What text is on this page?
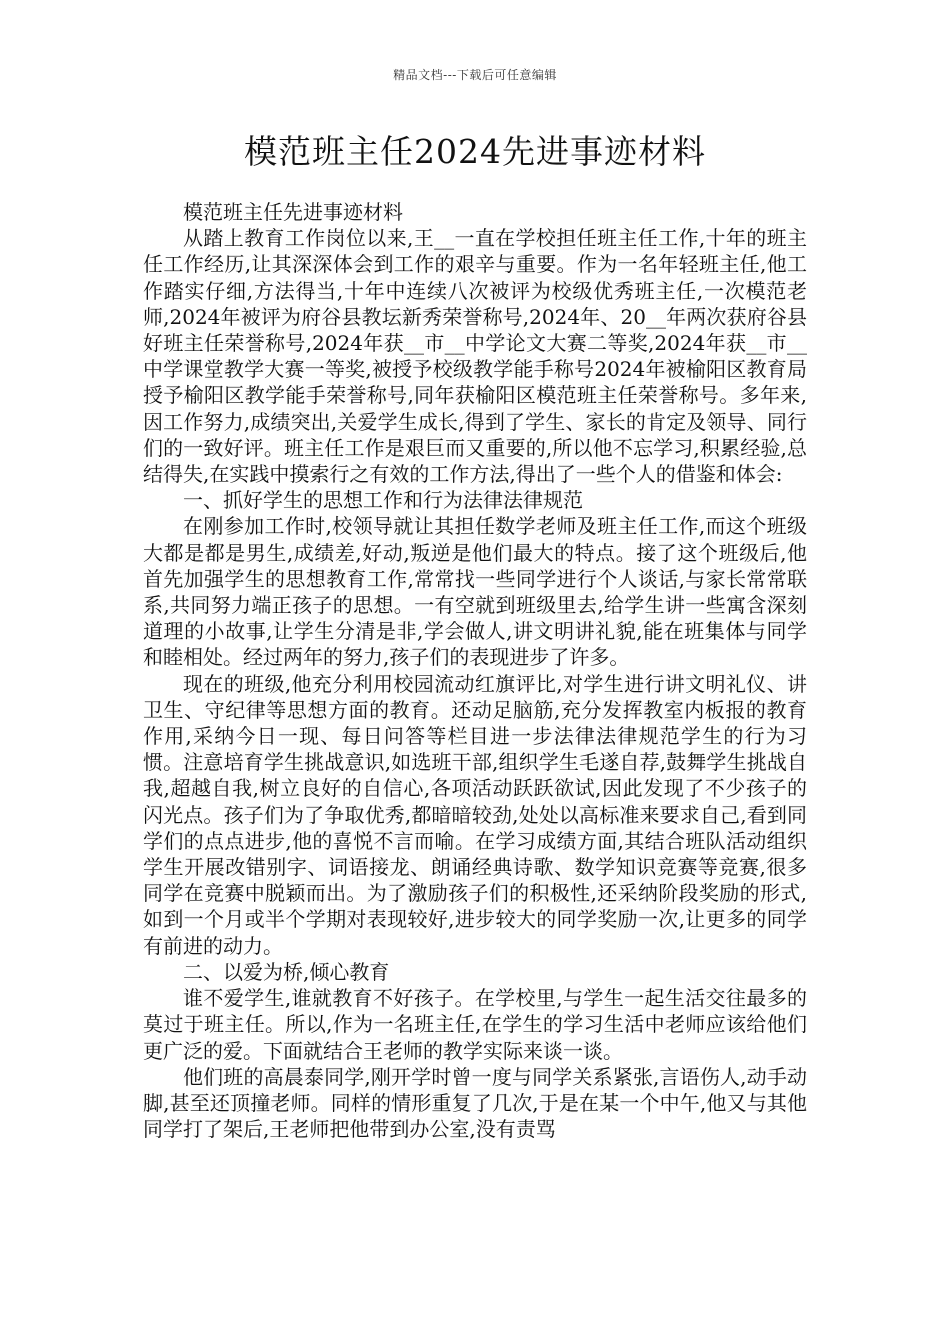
精品文档---下载后可任意编辑
模范班主任2024先进事迹材料

模范班主任先进事迹材料

从踏上教育工作岗位以来,王__一直在学校担任班主任工作,十年的班主任工作经历,让其深深体会到工作的艰辛与重要。作为一名年轻班主任,他工作踏实仔细,方法得当,十年中连续八次被评为校级优秀班主任,一次模范老师,2024年被评为府谷县教坛新秀荣誉称号,2024年、20__年两次获府谷县好班主任荣誉称号,2024年获__市__中学论文大赛二等奖,2024年获__市__中学课堂教学大赛一等奖,被授予校级教学能手称号2024年被榆阳区教育局授予榆阳区教学能手荣誉称号,同年获榆阳区模范班主任荣誉称号。多年来,因工作努力,成绩突出,关爱学生成长,得到了学生、家长的肯定及领导、同行们的一致好评。班主任工作是艰巨而又重要的,所以他不忘学习,积累经验,总结得失,在实践中摸索行之有效的工作方法,得出了一些个人的借鉴和体会:

一、抓好学生的思想工作和行为法律法律规范

在刚参加工作时,校领导就让其担任数学老师及班主任工作,而这个班级大都是都是男生,成绩差,好动,叛逆是他们最大的特点。接了这个班级后,他首先加强学生的思想教育工作,常常找一些同学进行个人谈话,与家长常常联系,共同努力端正孩子的思想。一有空就到班级里去,给学生讲一些寓含深刻道理的小故事,让学生分清是非,学会做人,讲文明讲礼貌,能在班集体与同学和睦相处。经过两年的努力,孩子们的表现进步了许多。

现在的班级,他充分利用校园流动红旗评比,对学生进行讲文明礼仪、讲卫生、守纪律等思想方面的教育。还动足脑筋,充分发挥教室内板报的教育作用,采纳今日一现、每日问答等栏目进一步法律法律规范学生的行为习惯。注意培育学生挑战意识,如选班干部,组织学生毛遂自荐,鼓舞学生挑战自我,超越自我,树立良好的自信心,各项活动跃跃欲试,因此发现了不少孩子的闪光点。孩子们为了争取优秀,都暗暗较劲,处处以高标准来要求自己,看到同学们的点点进步,他的喜悦不言而喻。在学习成绩方面,其结合班队活动组织学生开展改错别字、词语接龙、朗诵经典诗歌、数学知识竞赛等竞赛,很多同学在竞赛中脱颖而出。为了激励孩子们的积极性,还采纳阶段奖励的形式,如到一个月或半个学期对表现较好,进步较大的同学奖励一次,让更多的同学有前进的动力。

二、以爱为桥,倾心教育

谁不爱学生,谁就教育不好孩子。在学校里,与学生一起生活交往最多的莫过于班主任。所以,作为一名班主任,在学生的学习生活中老师应该给他们更广泛的爱。下面就结合王老师的教学实际来谈一谈。

他们班的高晨泰同学,刚开学时曾一度与同学关系紧张,言语伤人,动手动脚,甚至还顶撞老师。同样的情形重复了几次,于是在某一个中午,他又与其他同学打了架后,王老师把他带到办公室,没有责骂
